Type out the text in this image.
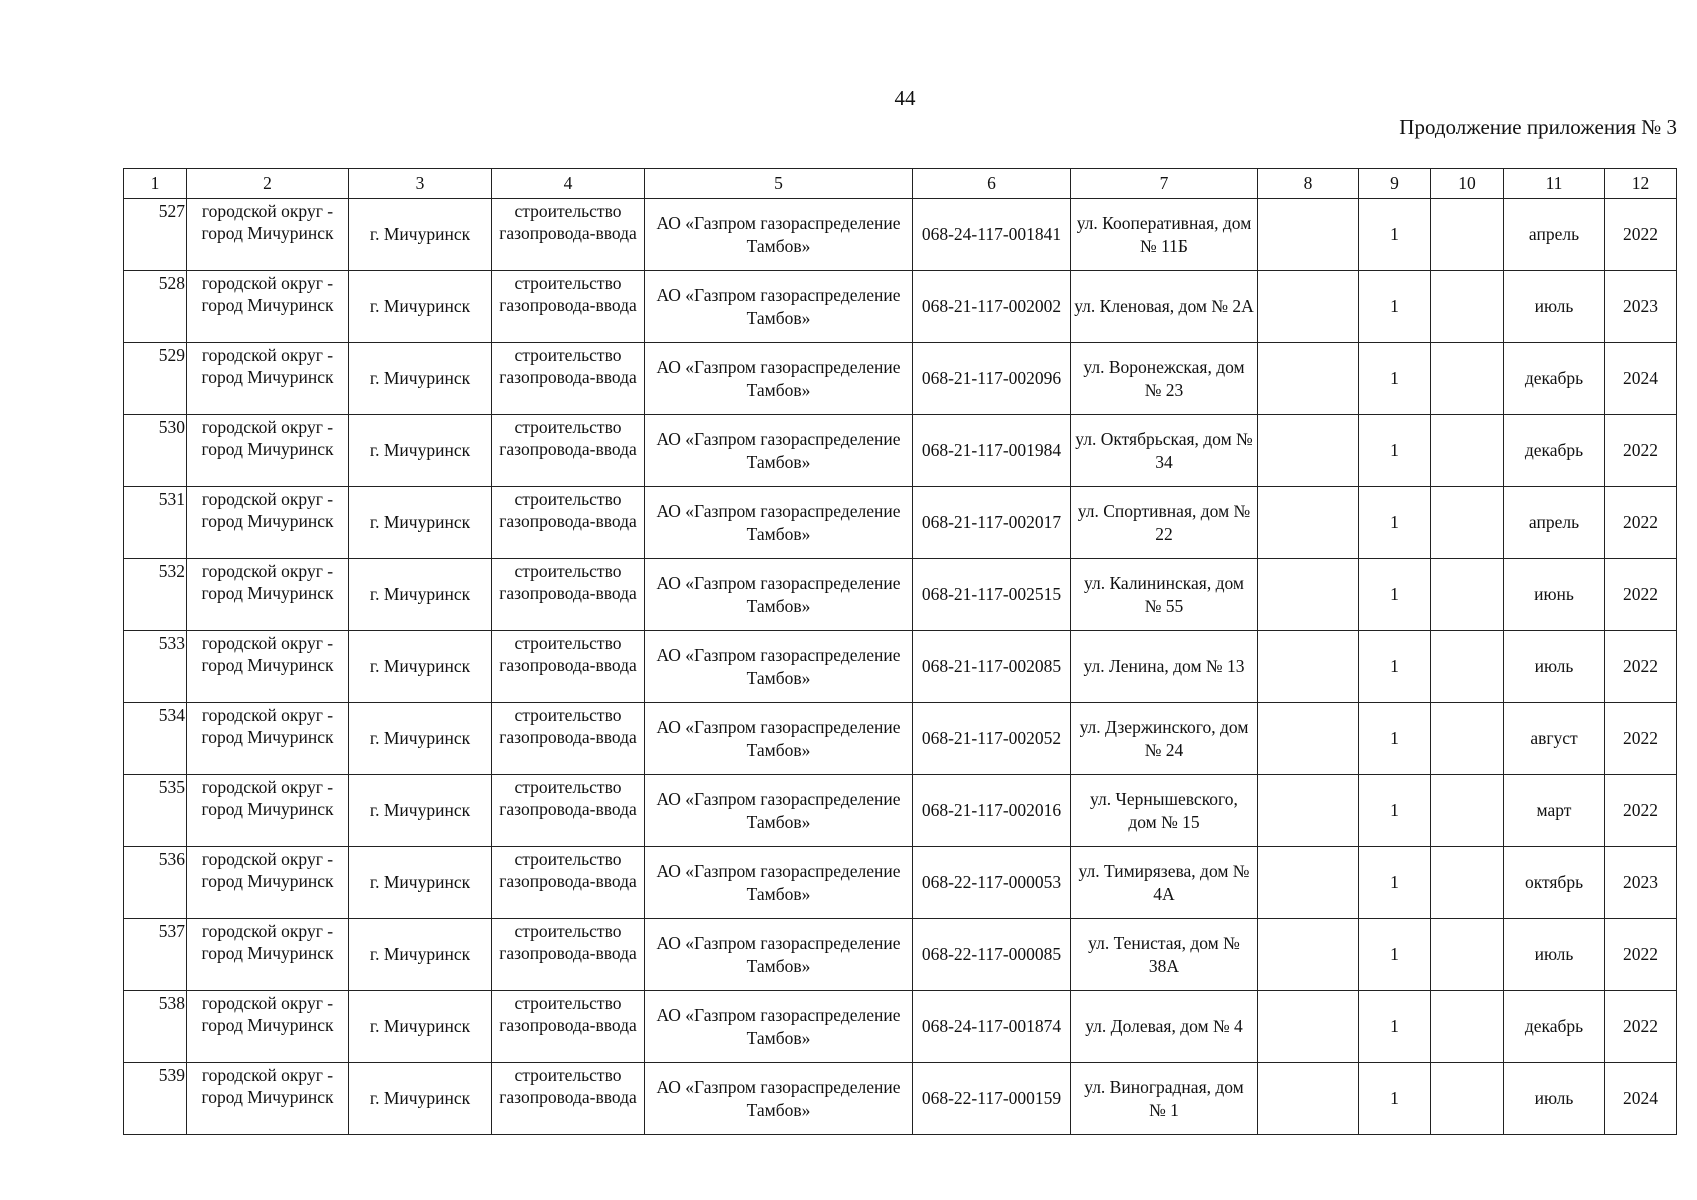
44
Продолжение приложения № 3
1	2	3	4	5	6	7	8	9	10	11	12
527	городской округ - город Мичуринск	г. Мичуринск	строительство газопровода-ввода	АО «Газпром газораспределение Тамбов»	068-24-117-001841	ул. Кооперативная, дом № 11Б		1		апрель	2022
528	городской округ - город Мичуринск	г. Мичуринск	строительство газопровода-ввода	АО «Газпром газораспределение Тамбов»	068-21-117-002002	ул. Кленовая, дом № 2А		1		июль	2023
529	городской округ - город Мичуринск	г. Мичуринск	строительство газопровода-ввода	АО «Газпром газораспределение Тамбов»	068-21-117-002096	ул. Воронежская, дом № 23		1		декабрь	2024
530	городской округ - город Мичуринск	г. Мичуринск	строительство газопровода-ввода	АО «Газпром газораспределение Тамбов»	068-21-117-001984	ул. Октябрьская, дом № 34		1		декабрь	2022
531	городской округ - город Мичуринск	г. Мичуринск	строительство газопровода-ввода	АО «Газпром газораспределение Тамбов»	068-21-117-002017	ул. Спортивная, дом № 22		1		апрель	2022
532	городской округ - город Мичуринск	г. Мичуринск	строительство газопровода-ввода	АО «Газпром газораспределение Тамбов»	068-21-117-002515	ул. Калининская, дом № 55		1		июнь	2022
533	городской округ - город Мичуринск	г. Мичуринск	строительство газопровода-ввода	АО «Газпром газораспределение Тамбов»	068-21-117-002085	ул. Ленина, дом № 13		1		июль	2022
534	городской округ - город Мичуринск	г. Мичуринск	строительство газопровода-ввода	АО «Газпром газораспределение Тамбов»	068-21-117-002052	ул. Дзержинского, дом № 24		1		август	2022
535	городской округ - город Мичуринск	г. Мичуринск	строительство газопровода-ввода	АО «Газпром газораспределение Тамбов»	068-21-117-002016	ул. Чернышевского, дом № 15		1		март	2022
536	городской округ - город Мичуринск	г. Мичуринск	строительство газопровода-ввода	АО «Газпром газораспределение Тамбов»	068-22-117-000053	ул. Тимирязева, дом № 4А		1		октябрь	2023
537	городской округ - город Мичуринск	г. Мичуринск	строительство газопровода-ввода	АО «Газпром газораспределение Тамбов»	068-22-117-000085	ул. Тенистая, дом № 38А		1		июль	2022
538	городской округ - город Мичуринск	г. Мичуринск	строительство газопровода-ввода	АО «Газпром газораспределение Тамбов»	068-24-117-001874	ул. Долевая, дом № 4		1		декабрь	2022
539	городской округ - город Мичуринск	г. Мичуринск	строительство газопровода-ввода	АО «Газпром газораспределение Тамбов»	068-22-117-000159	ул. Виноградная, дом № 1		1		июль	2024
